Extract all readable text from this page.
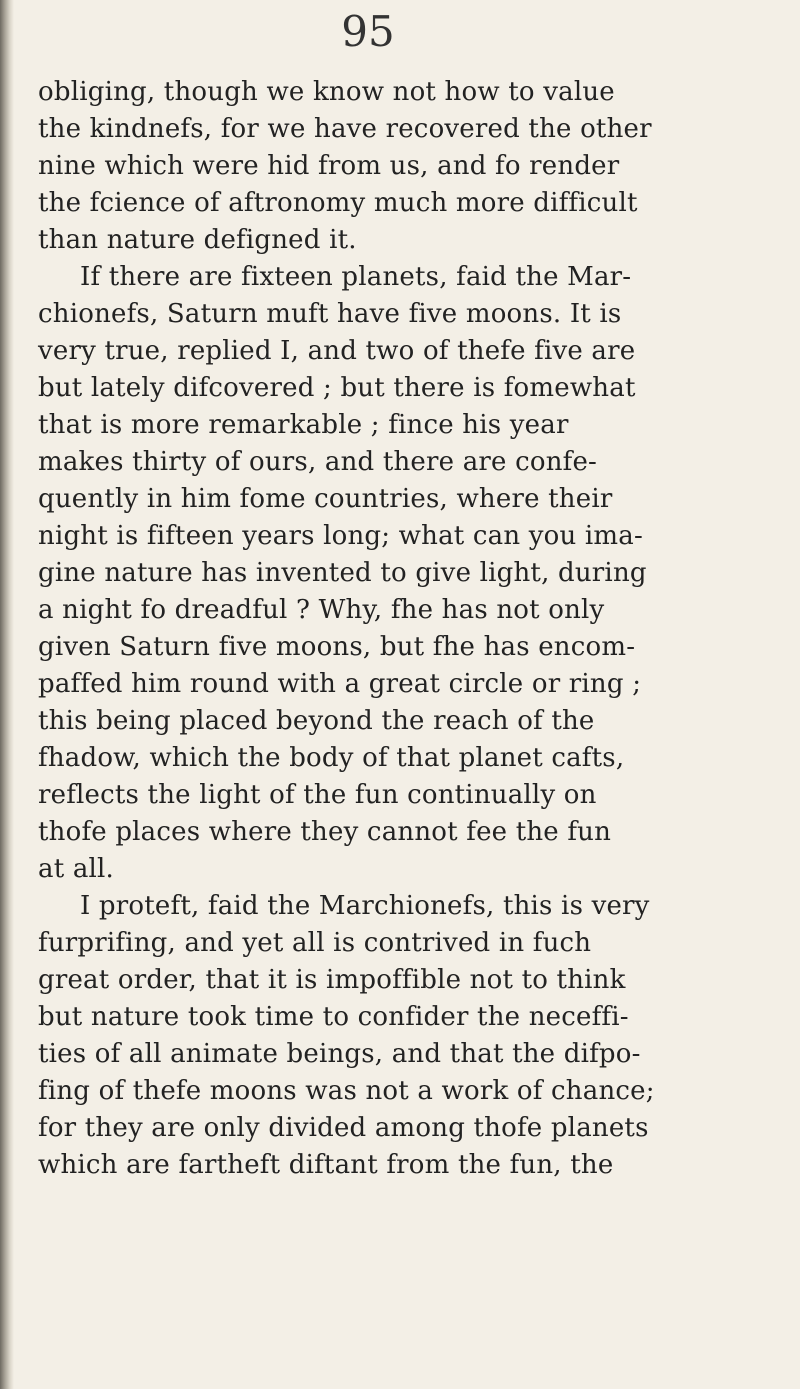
95
obliging, though we know not how to value
the kindnefs, for we have recovered the other
nine which were hid from us, and fo render
the fcience of aftronomy much more difficult
than nature defigned it.
If there are fixteen planets, faid the Mar-
chionefs, Saturn muft have five moons. It is
very true, replied I, and two of thefe five are
but lately difcovered ; but there is fomewhat
that is more remarkable ; fince his year
makes thirty of ours, and there are confe-
quently in him fome countries, where their
night is fifteen years long; what can you ima-
gine nature has invented to give light, during
a night fo dreadful ? Why, fhe has not only
given Saturn five moons, but fhe has encom-
paffed him round with a great circle or ring ;
this being placed beyond the reach of the
fhadow, which the body of that planet cafts,
reflects the light of the fun continually on
thofe places where they cannot fee the fun
at all.
I proteft, faid the Marchionefs, this is very
furprifing, and yet all is contrived in fuch
great order, that it is impoffible not to think
but nature took time to confider the neceffi-
ties of all animate beings, and that the difpo-
fing of thefe moons was not a work of chance;
for they are only divided among thofe planets
which are fartheft diftant from the fun, the
